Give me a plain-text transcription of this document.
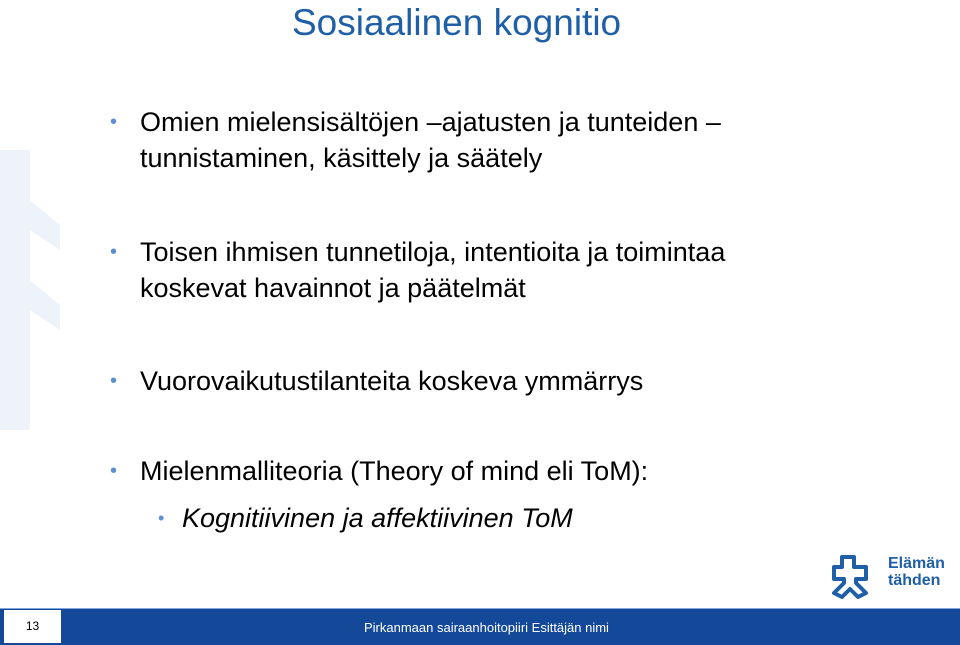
Sosiaalinen kognitio
• Omien mielensisältöjen –ajatusten ja tunteiden –
tunnistaminen, käsittely ja säätely
• Toisen ihmisen tunnetiloja, intentioita ja toimintaa
koskevat havainnot ja päätelmät
• Vuorovaikutustilanteita koskeva ymmärrys
• Mielenmalliteoria (Theory of mind eli ToM):
• Kognitiivinen ja affektiivinen ToM
Elämän
tähden
13	Pirkanmaan sairaanhoitopiiri Esittäjän nimi
